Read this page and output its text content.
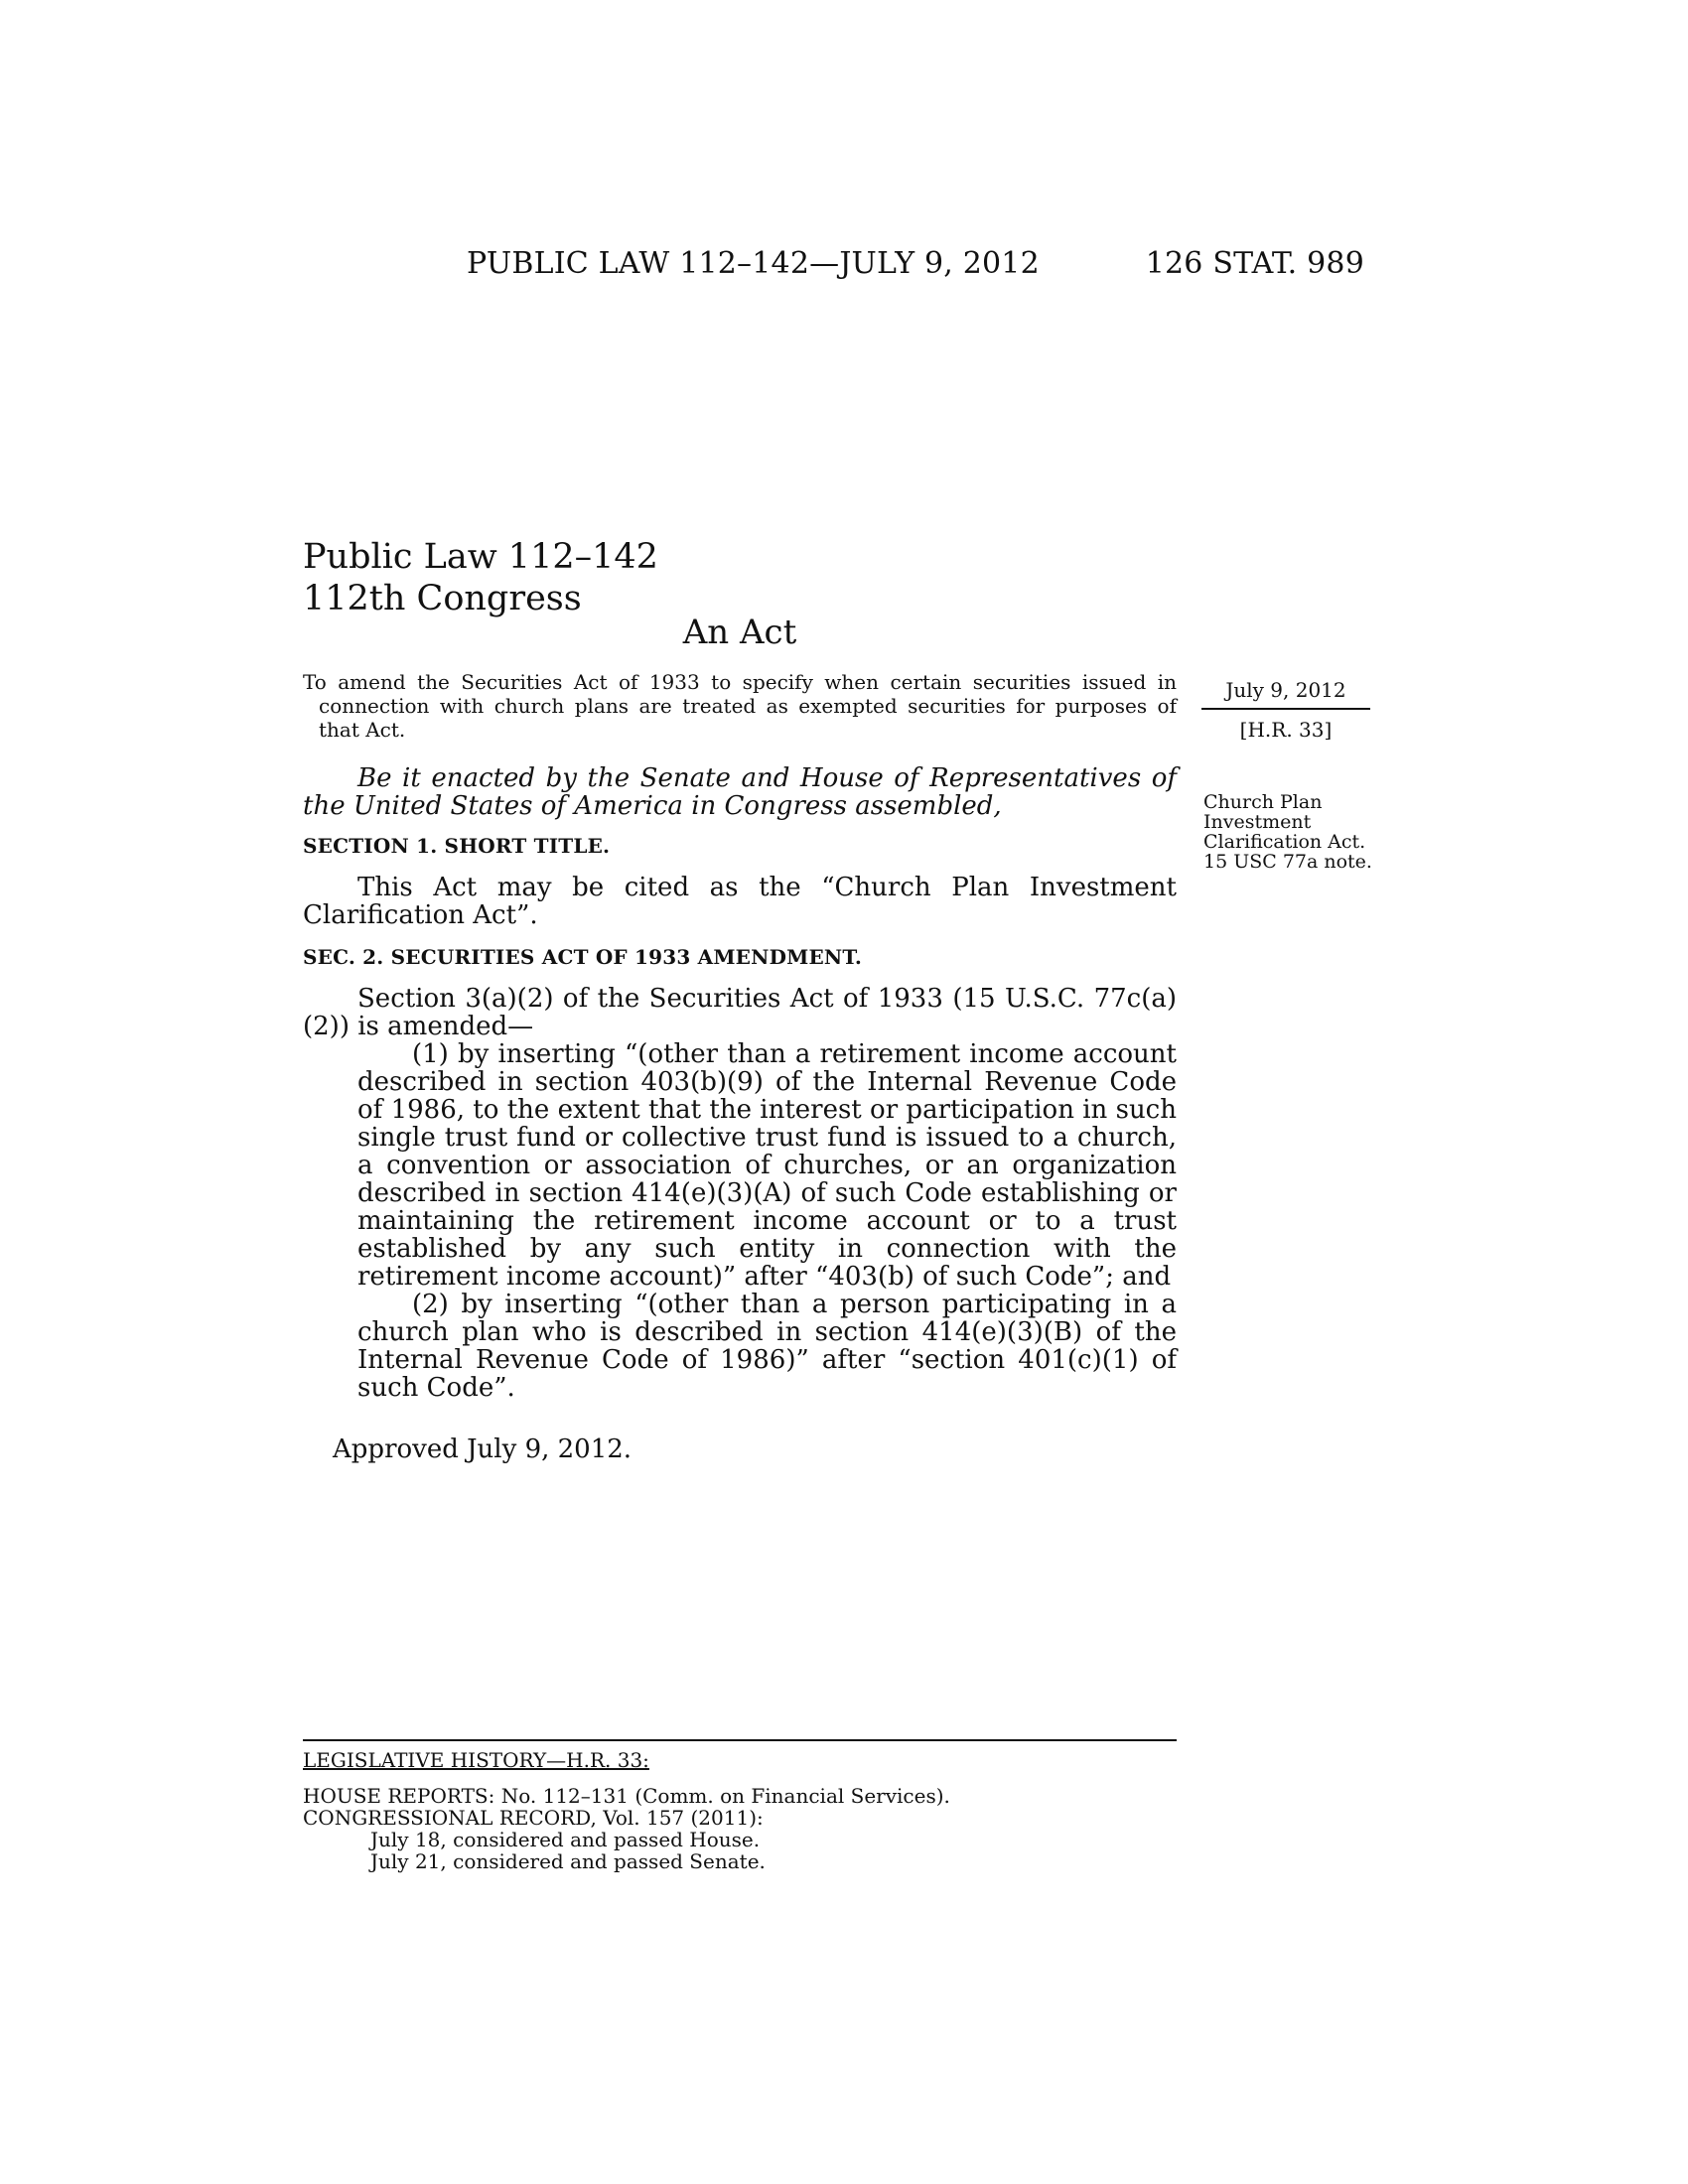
PUBLIC LAW 112–142—JULY 9, 2012	126 STAT. 989
Public Law 112–142
112th Congress
An Act
To amend the Securities Act of 1933 to specify when certain securities issued in connection with church plans are treated as exempted securities for purposes of that Act.
July 9, 2012
[H.R. 33]
Church Plan
Investment
Clarification Act.
15 USC 77a note.

Be it enacted by the Senate and House of Representatives of the United States of America in Congress assembled,

SECTION 1. SHORT TITLE.

This Act may be cited as the “Church Plan Investment Clarification Act”.

SEC. 2. SECURITIES ACT OF 1933 AMENDMENT.

Section 3(a)(2) of the Securities Act of 1933 (15 U.S.C. 77c(a)(2)) is amended—

(1) by inserting “(other than a retirement income account described in section 403(b)(9) of the Internal Revenue Code of 1986, to the extent that the interest or participation in such single trust fund or collective trust fund is issued to a church, a convention or association of churches, or an organization described in section 414(e)(3)(A) of such Code establishing or maintaining the retirement income account or to a trust established by any such entity in connection with the retirement income account)” after “403(b) of such Code”; and

(2) by inserting “(other than a person participating in a church plan who is described in section 414(e)(3)(B) of the Internal Revenue Code of 1986)” after “section 401(c)(1) of such Code”.

Approved July 9, 2012.
LEGISLATIVE HISTORY—H.R. 33:
HOUSE REPORTS: No. 112–131 (Comm. on Financial Services).
CONGRESSIONAL RECORD, Vol. 157 (2011):
July 18, considered and passed House.
July 21, considered and passed Senate.
